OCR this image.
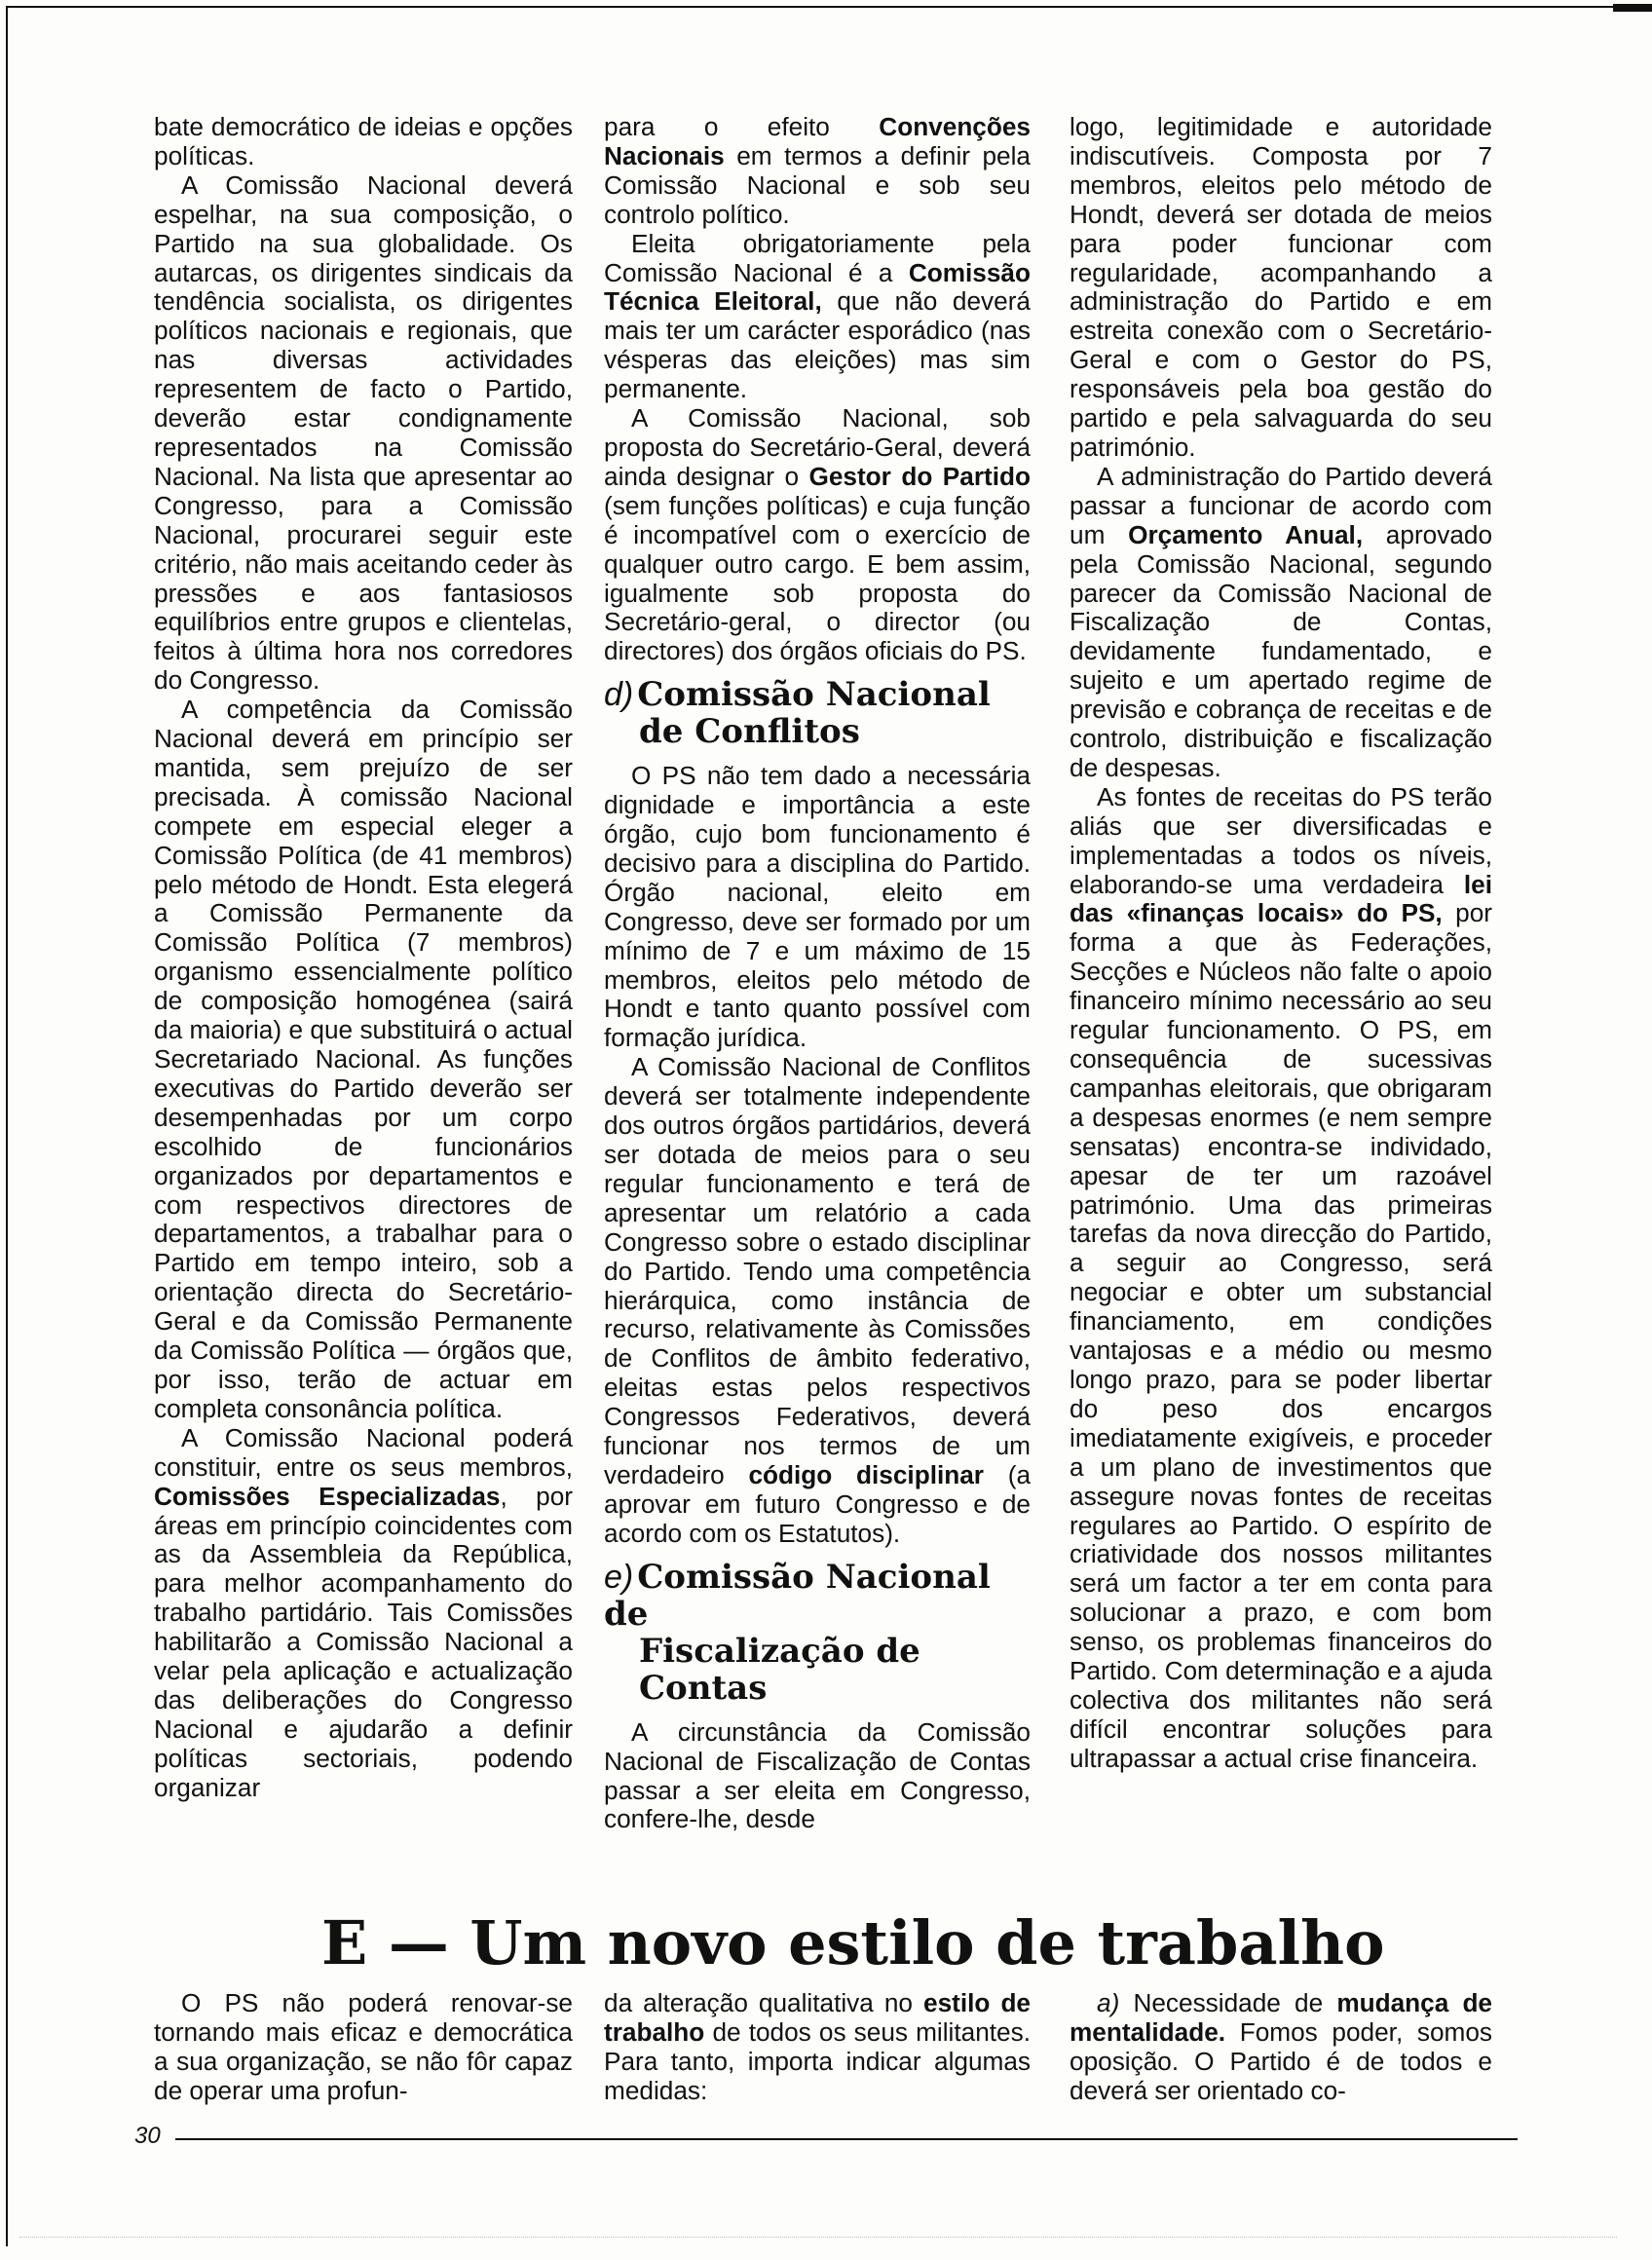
bate democrático de ideias e opções políticas.

A Comissão Nacional deverá espelhar, na sua composição, o Partido na sua globalidade. Os autarcas, os dirigentes sindicais da tendência socialista, os dirigentes políticos nacionais e regionais, que nas diversas actividades representem de facto o Partido, deverão estar condignamente representados na Comissão Nacional. Na lista que apresentar ao Congresso, para a Comissão Nacional, procurarei seguir este critério, não mais aceitando ceder às pressões e aos fantasiosos equilíbrios entre grupos e clientelas, feitos à última hora nos corredores do Congresso.

A competência da Comissão Nacional deverá em princípio ser mantida, sem prejuízo de ser precisada. À comissão Nacional compete em especial eleger a Comissão Política (de 41 membros) pelo método de Hondt. Esta elegerá a Comissão Permanente da Comissão Política (7 membros) organismo essencialmente político de composição homogénea (sairá da maioria) e que substituirá o actual Secretariado Nacional. As funções executivas do Partido deverão ser desempenhadas por um corpo escolhido de funcionários organizados por departamentos e com respectivos directores de departamentos, a trabalhar para o Partido em tempo inteiro, sob a orientação directa do Secretário-Geral e da Comissão Permanente da Comissão Política — órgãos que, por isso, terão de actuar em completa consonância política.

A Comissão Nacional poderá constituir, entre os seus membros, Comissões Especializadas, por áreas em princípio coincidentes com as da Assembleia da República, para melhor acompanhamento do trabalho partidário. Tais Comissões habilitarão a Comissão Nacional a velar pela aplicação e actualização das deliberações do Congresso Nacional e ajudarão a definir políticas sectoriais, podendo organizar

para o efeito Convenções Nacionais em termos a definir pela Comissão Nacional e sob seu controlo político.

Eleita obrigatoriamente pela Comissão Nacional é a Comissão Técnica Eleitoral, que não deverá mais ter um carácter esporádico (nas vésperas das eleições) mas sim permanente.

A Comissão Nacional, sob proposta do Secretário-Geral, deverá ainda designar o Gestor do Partido (sem funções políticas) e cuja função é incompatível com o exercício de qualquer outro cargo. E bem assim, igualmente sob proposta do Secretário-geral, o director (ou directores) dos órgãos oficiais do PS.

d) Comissão Nacional
de Conflitos

O PS não tem dado a necessária dignidade e importância a este órgão, cujo bom funcionamento é decisivo para a disciplina do Partido. Órgão nacional, eleito em Congresso, deve ser formado por um mínimo de 7 e um máximo de 15 membros, eleitos pelo método de Hondt e tanto quanto possível com formação jurídica.

A Comissão Nacional de Conflitos deverá ser totalmente independente dos outros órgãos partidários, deverá ser dotada de meios para o seu regular funcionamento e terá de apresentar um relatório a cada Congresso sobre o estado disciplinar do Partido. Tendo uma competência hierárquica, como instância de recurso, relativamente às Comissões de Conflitos de âmbito federativo, eleitas estas pelos respectivos Congressos Federativos, deverá funcionar nos termos de um verdadeiro código disciplinar (a aprovar em futuro Congresso e de acordo com os Estatutos).

e) Comissão Nacional de
Fiscalização de Contas

A circunstância da Comissão Nacional de Fiscalização de Contas passar a ser eleita em Congresso, confere-lhe, desde

logo, legitimidade e autoridade indiscutíveis. Composta por 7 membros, eleitos pelo método de Hondt, deverá ser dotada de meios para poder funcionar com regularidade, acompanhando a administração do Partido e em estreita conexão com o Secretário-Geral e com o Gestor do PS, responsáveis pela boa gestão do partido e pela salvaguarda do seu património.

A administração do Partido deverá passar a funcionar de acordo com um Orçamento Anual, aprovado pela Comissão Nacional, segundo parecer da Comissão Nacional de Fiscalização de Contas, devidamente fundamentado, e sujeito e um apertado regime de previsão e cobrança de receitas e de controlo, distribuição e fiscalização de despesas.

As fontes de receitas do PS terão aliás que ser diversificadas e implementadas a todos os níveis, elaborando-se uma verdadeira lei das «finanças locais» do PS, por forma a que às Federações, Secções e Núcleos não falte o apoio financeiro mínimo necessário ao seu regular funcionamento. O PS, em consequência de sucessivas campanhas eleitorais, que obrigaram a despesas enormes (e nem sempre sensatas) encontra-se individado, apesar de ter um razoável património. Uma das primeiras tarefas da nova direcção do Partido, a seguir ao Congresso, será negociar e obter um substancial financiamento, em condições vantajosas e a médio ou mesmo longo prazo, para se poder libertar do peso dos encargos imediatamente exigíveis, e proceder a um plano de investimentos que assegure novas fontes de receitas regulares ao Partido. O espírito de criatividade dos nossos militantes será um factor a ter em conta para solucionar a prazo, e com bom senso, os problemas financeiros do Partido. Com determinação e a ajuda colectiva dos militantes não será difícil encontrar soluções para ultrapassar a actual crise financeira.

E — Um novo estilo de trabalho

O PS não poderá renovar-se tornando mais eficaz e democrática a sua organização, se não fôr capaz de operar uma profun-

da alteração qualitativa no estilo de trabalho de todos os seus militantes. Para tanto, importa indicar algumas medidas:

a) Necessidade de mudança de mentalidade. Fomos poder, somos oposição. O Partido é de todos e deverá ser orientado co-

30
